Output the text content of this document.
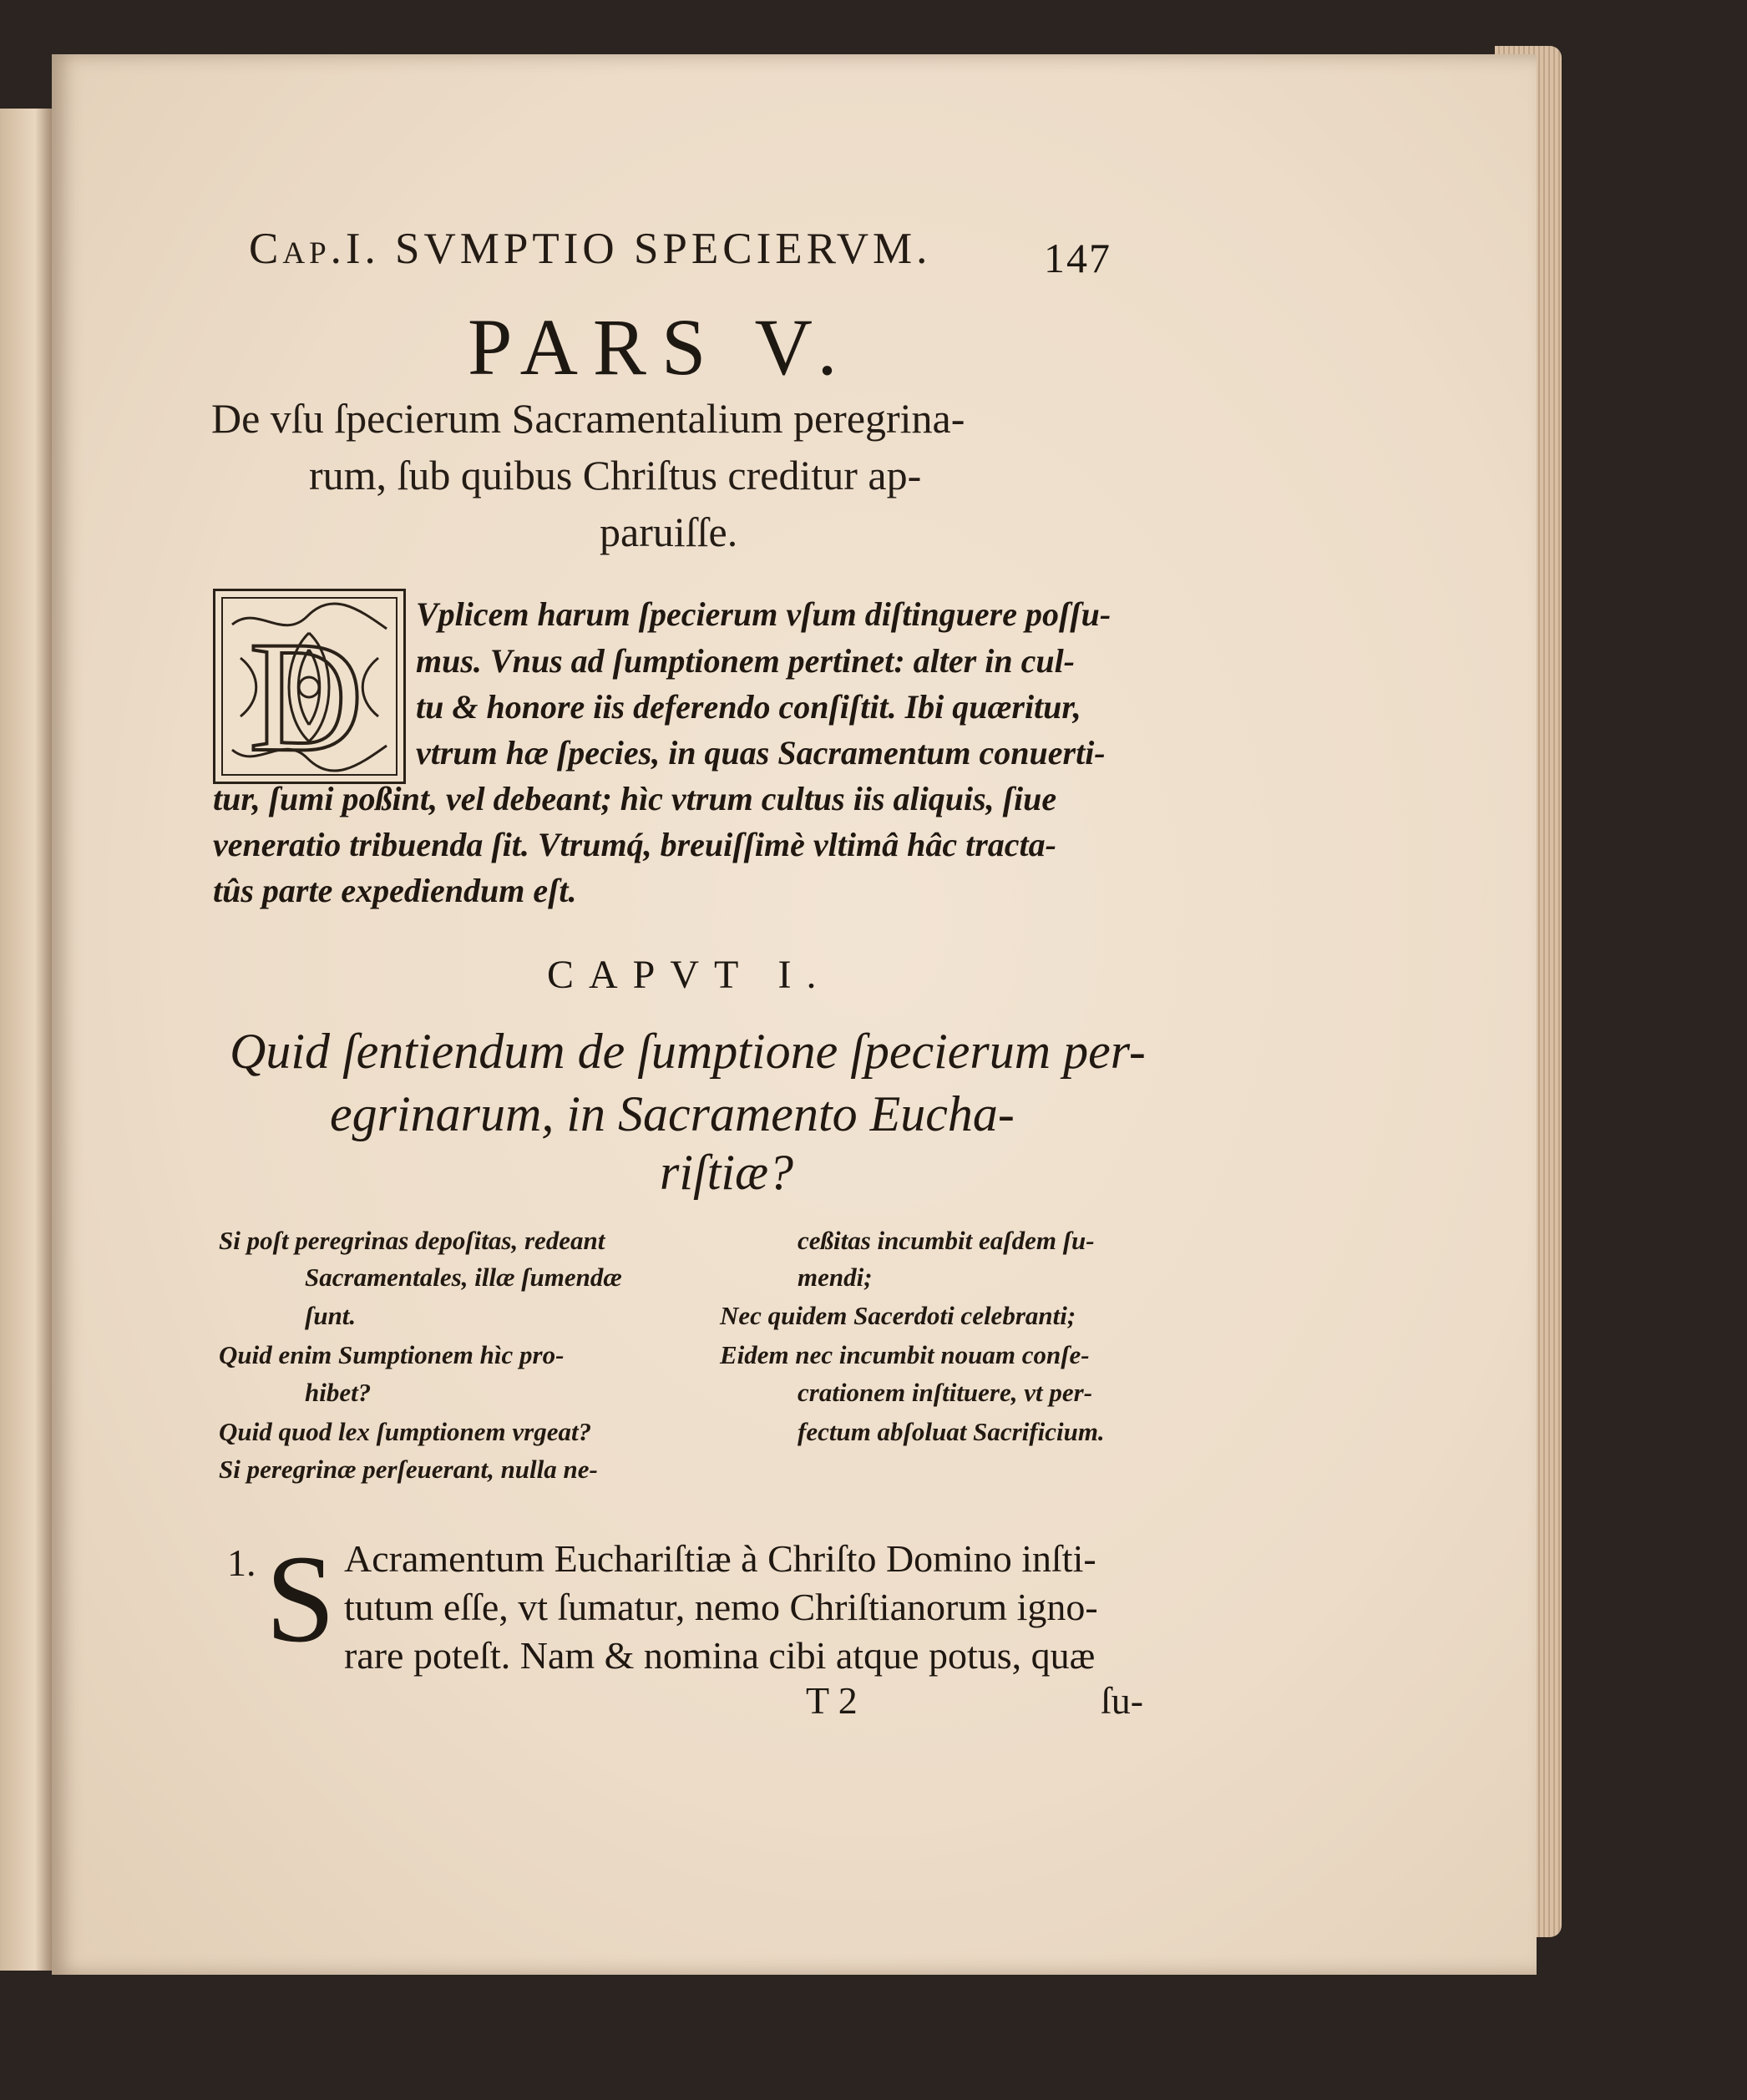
Cap.I. SVMPTIO SPECIERVM.	147

PARS V.

De vſu ſpecierum Sacramentalium peregrina-

rum, ſub quibus Chriſtus creditur ap-

paruiſſe.

D Vplicem harum ſpecierum vſum diſtinguere poſſu-

mus. Vnus ad ſumptionem pertinet: alter in cul-

tu & honore iis deferendo conſiſtit. Ibi quæritur,

vtrum hæ ſpecies, in quas Sacramentum conuerti-

tur, ſumi poßint, vel debeant; hìc vtrum cultus iis aliquis, ſiue

veneratio tribuenda ſit. Vtrumq́, breuiſſimè vltimâ hâc tracta-

tûs parte expediendum eſt.

CAPVT I.

Quid ſentiendum de ſumptione ſpecierum per-

egrinarum, in Sacramento Eucha-

riſtiæ?

Si poſt peregrinas depoſitas, redeant

Sacramentales, illæ ſumendæ

ſunt.

Quid enim Sumptionem hìc pro-

hibet?

Quid quod lex ſumptionem vrgeat?

Si peregrinæ perſeuerant, nulla ne-

ceßitas incumbit eaſdem ſu-

mendi;

Nec quidem Sacerdoti celebranti;

Eidem nec incumbit nouam conſe-

crationem inſtituere, vt per-

fectum abſoluat Sacrificium.

1. S Acramentum Euchariſtiæ à Chriſto Domino inſti-

tutum eſſe, vt ſumatur, nemo Chriſtianorum igno-

rare poteſt. Nam & nomina cibi atque potus, quæ

T 2	ſu-
